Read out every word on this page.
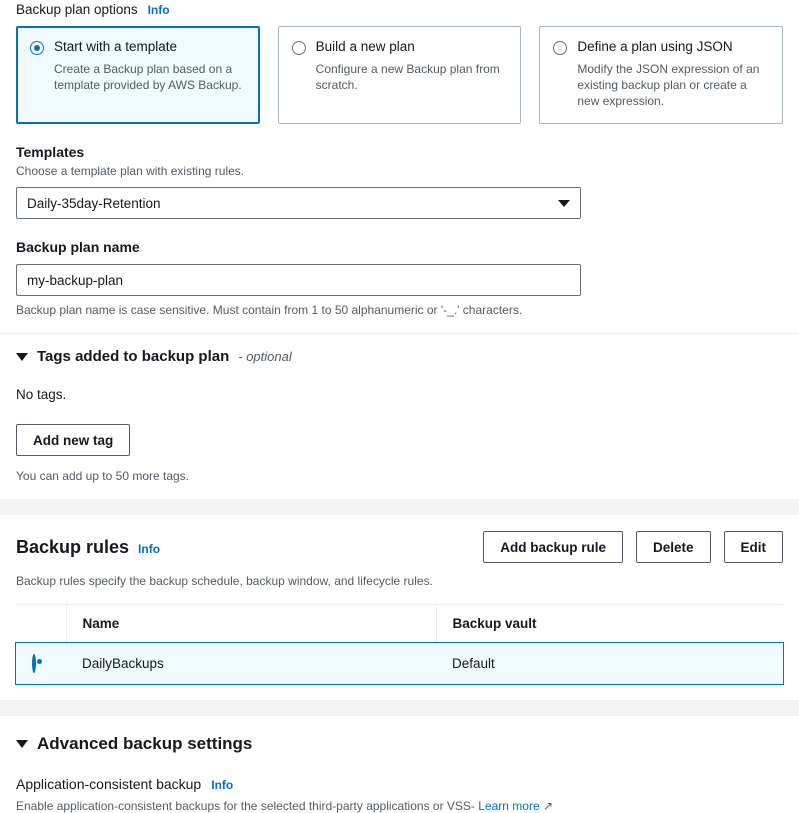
Backup plan options Info
Start with a template
Create a Backup plan based on a template provided by AWS Backup.
Build a new plan
Configure a new Backup plan from scratch.
Define a plan using JSON
Modify the JSON expression of an existing backup plan or create a new expression.
Templates
Choose a template plan with existing rules.
Daily-35day-Retention
Backup plan name
my-backup-plan
Backup plan name is case sensitive. Must contain from 1 to 50 alphanumeric or '-_.' characters.
Tags added to backup plan - optional
No tags.
Add new tag
You can add up to 50 more tags.
Backup rules Info	Add backup rule	Delete	Edit
Backup rules specify the backup schedule, backup window, and lifecycle rules.
	Name	Backup vault
	DailyBackups	Default
Advanced backup settings
Application-consistent backup Info
Enable application-consistent backups for the selected third-party applications or VSS- Learn more ↗
